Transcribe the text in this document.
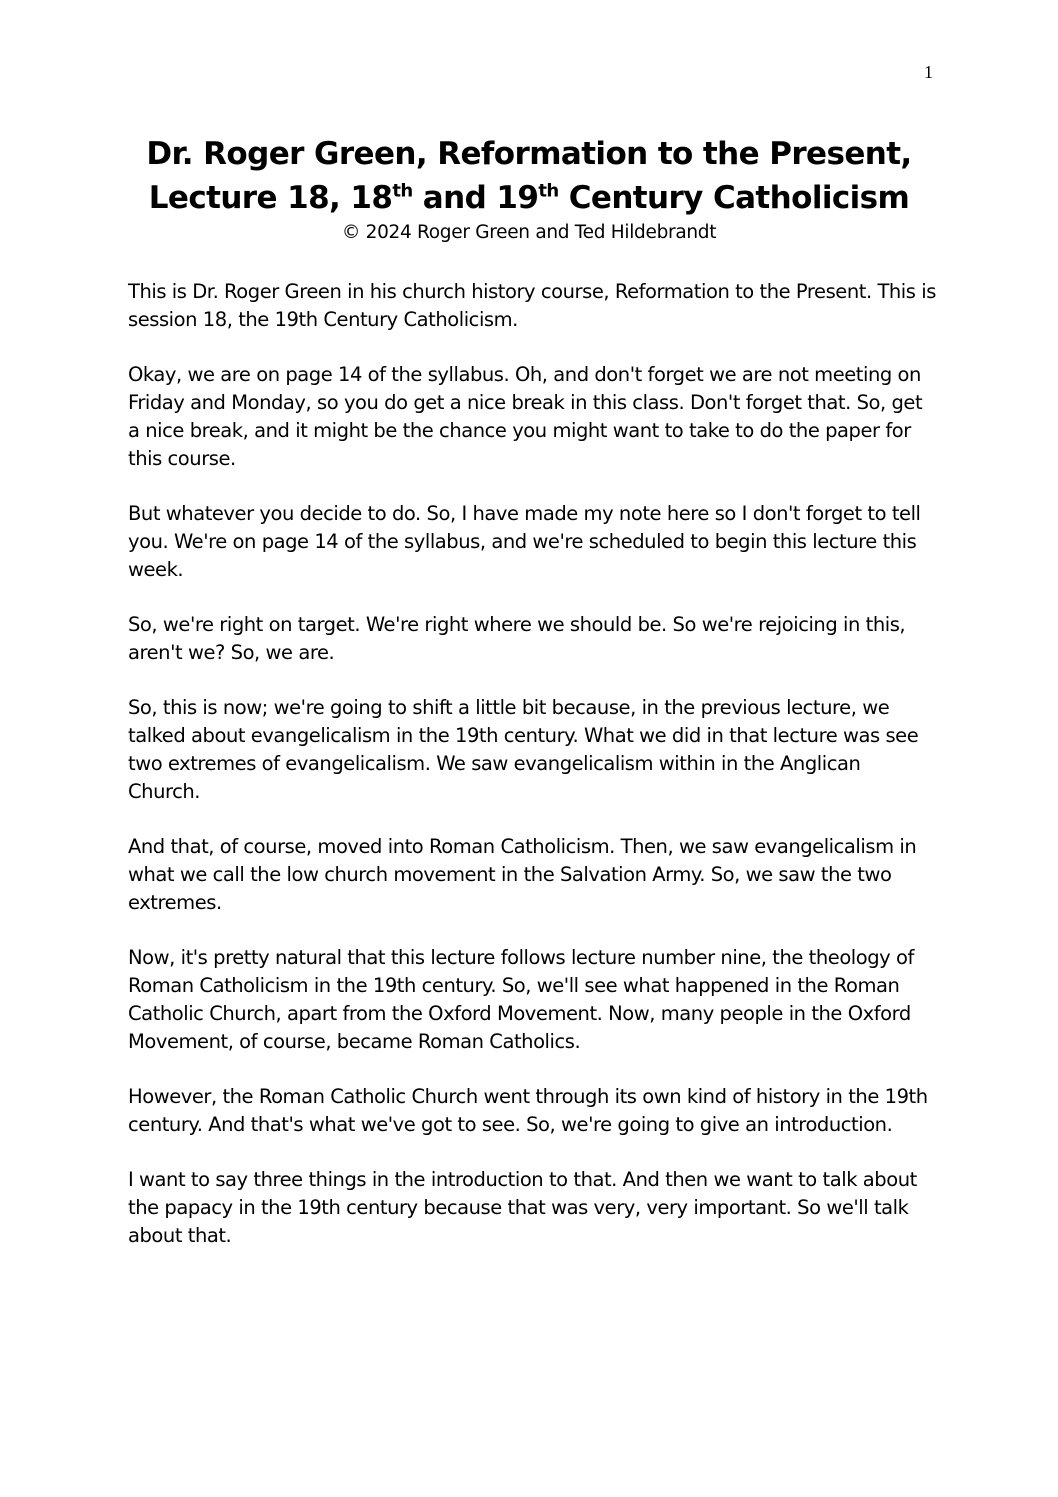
1
Dr. Roger Green, Reformation to the Present,
Lecture 18, 18th and 19th Century Catholicism
© 2024 Roger Green and Ted Hildebrandt

This is Dr. Roger Green in his church history course, Reformation to the Present. This is session 18, the 19th Century Catholicism.

Okay, we are on page 14 of the syllabus. Oh, and don't forget we are not meeting on Friday and Monday, so you do get a nice break in this class. Don't forget that. So, get a nice break, and it might be the chance you might want to take to do the paper for this course.

But whatever you decide to do. So, I have made my note here so I don't forget to tell you. We're on page 14 of the syllabus, and we're scheduled to begin this lecture this week.

So, we're right on target. We're right where we should be. So we're rejoicing in this, aren't we? So, we are.

So, this is now; we're going to shift a little bit because, in the previous lecture, we talked about evangelicalism in the 19th century. What we did in that lecture was see two extremes of evangelicalism. We saw evangelicalism within in the Anglican Church.

And that, of course, moved into Roman Catholicism. Then, we saw evangelicalism in what we call the low church movement in the Salvation Army. So, we saw the two extremes.

Now, it's pretty natural that this lecture follows lecture number nine, the theology of Roman Catholicism in the 19th century. So, we'll see what happened in the Roman Catholic Church, apart from the Oxford Movement. Now, many people in the Oxford Movement, of course, became Roman Catholics.

However, the Roman Catholic Church went through its own kind of history in the 19th century. And that's what we've got to see. So, we're going to give an introduction.

I want to say three things in the introduction to that. And then we want to talk about the papacy in the 19th century because that was very, very important. So we'll talk about that.
